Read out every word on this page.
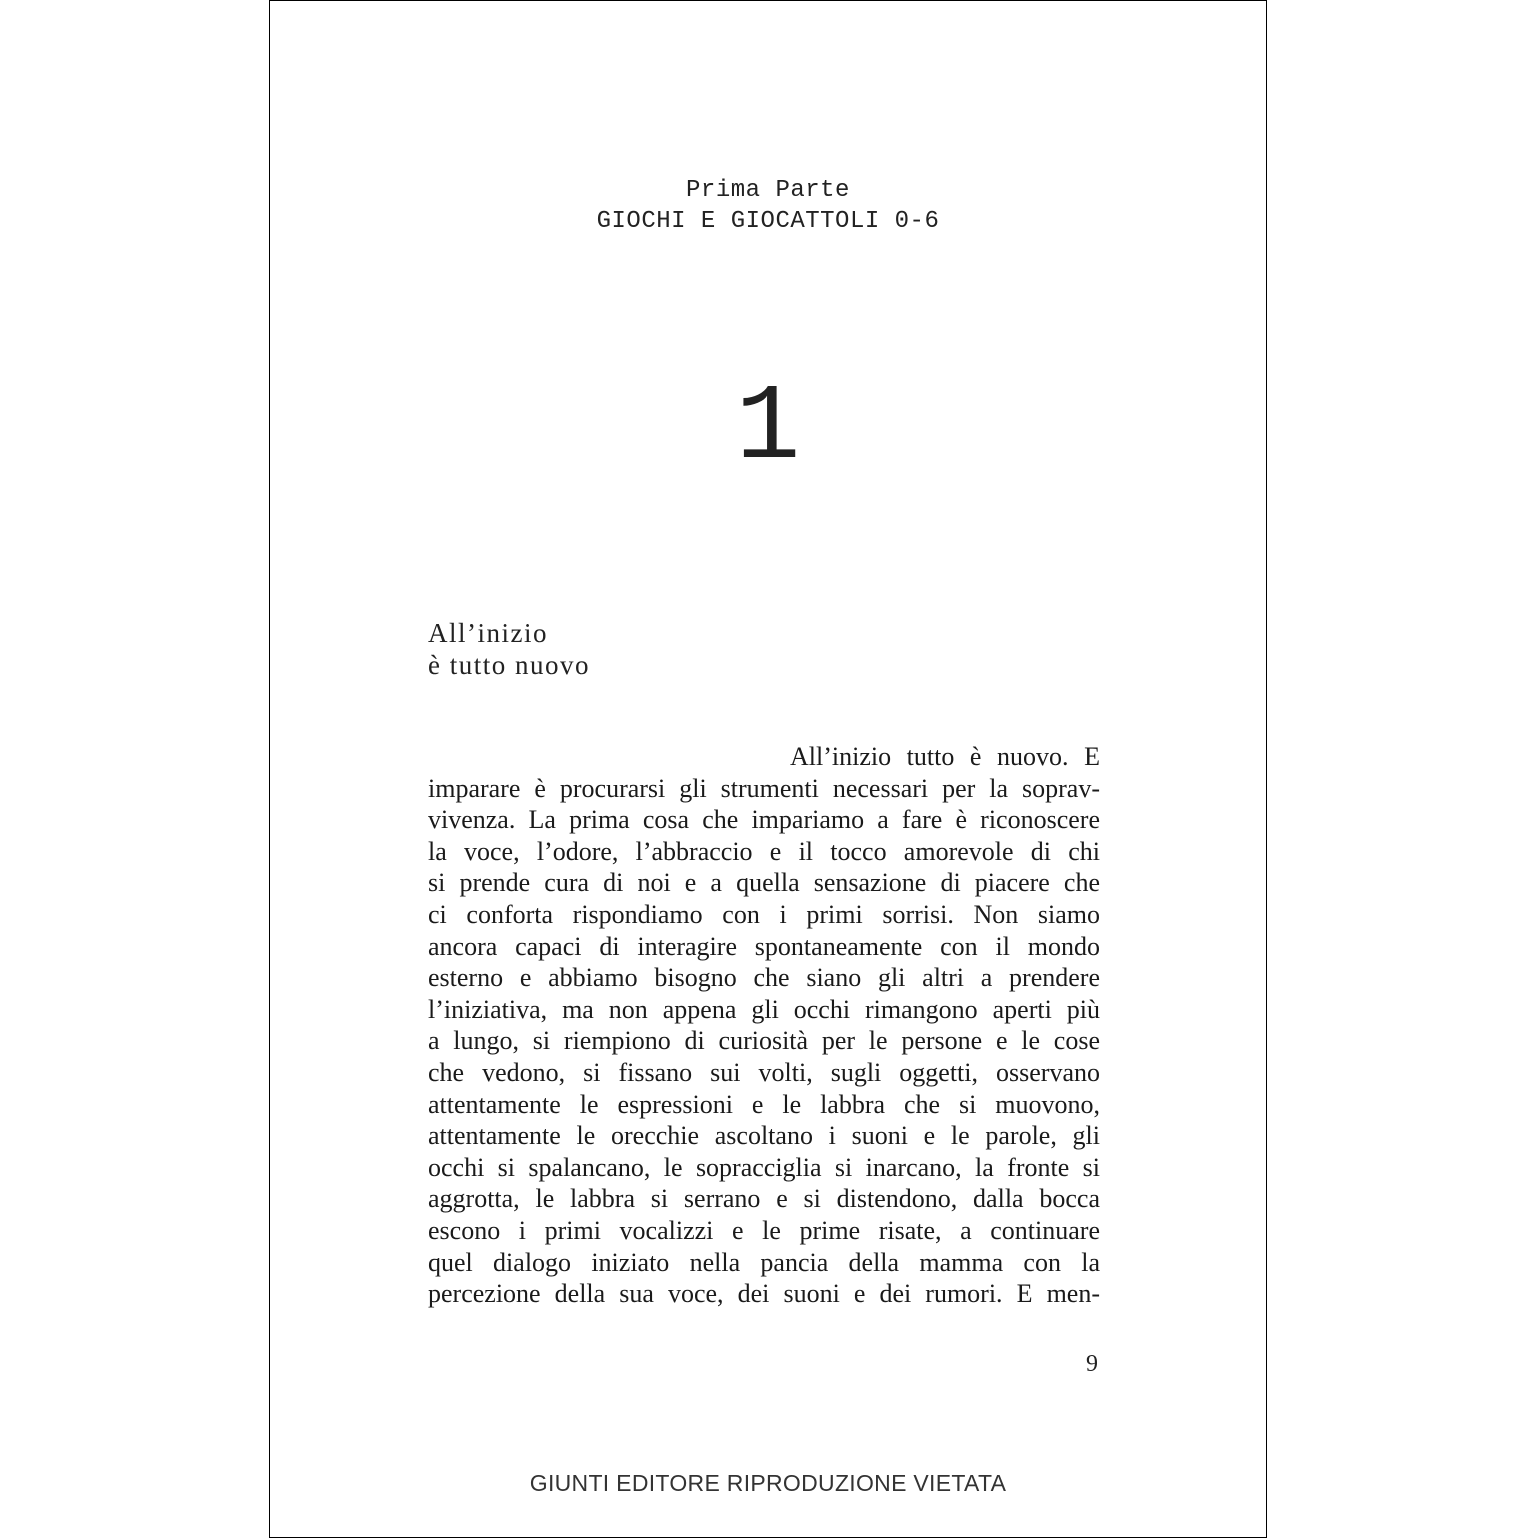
Prima Parte
GIOCHI E GIOCATTOLI 0-6
1
All’inizio
è tutto nuovo
All’inizio tutto è nuovo. E
imparare è procurarsi gli strumenti necessari per la soprav-
vivenza. La prima cosa che impariamo a fare è riconoscere
la voce, l’odore, l’abbraccio e il tocco amorevole di chi
si prende cura di noi e a quella sensazione di piacere che
ci conforta rispondiamo con i primi sorrisi. Non siamo
ancora capaci di interagire spontaneamente con il mondo
esterno e abbiamo bisogno che siano gli altri a prendere
l’iniziativa, ma non appena gli occhi rimangono aperti più
a lungo, si riempiono di curiosità per le persone e le cose
che vedono, si fissano sui volti, sugli oggetti, osservano
attentamente le espressioni e le labbra che si muovono,
attentamente le orecchie ascoltano i suoni e le parole, gli
occhi si spalancano, le sopracciglia si inarcano, la fronte si
aggrotta, le labbra si serrano e si distendono, dalla bocca
escono i primi vocalizzi e le prime risate, a continuare
quel dialogo iniziato nella pancia della mamma con la
percezione della sua voce, dei suoni e dei rumori. E men-
9
GIUNTI EDITORE RIPRODUZIONE VIETATA
